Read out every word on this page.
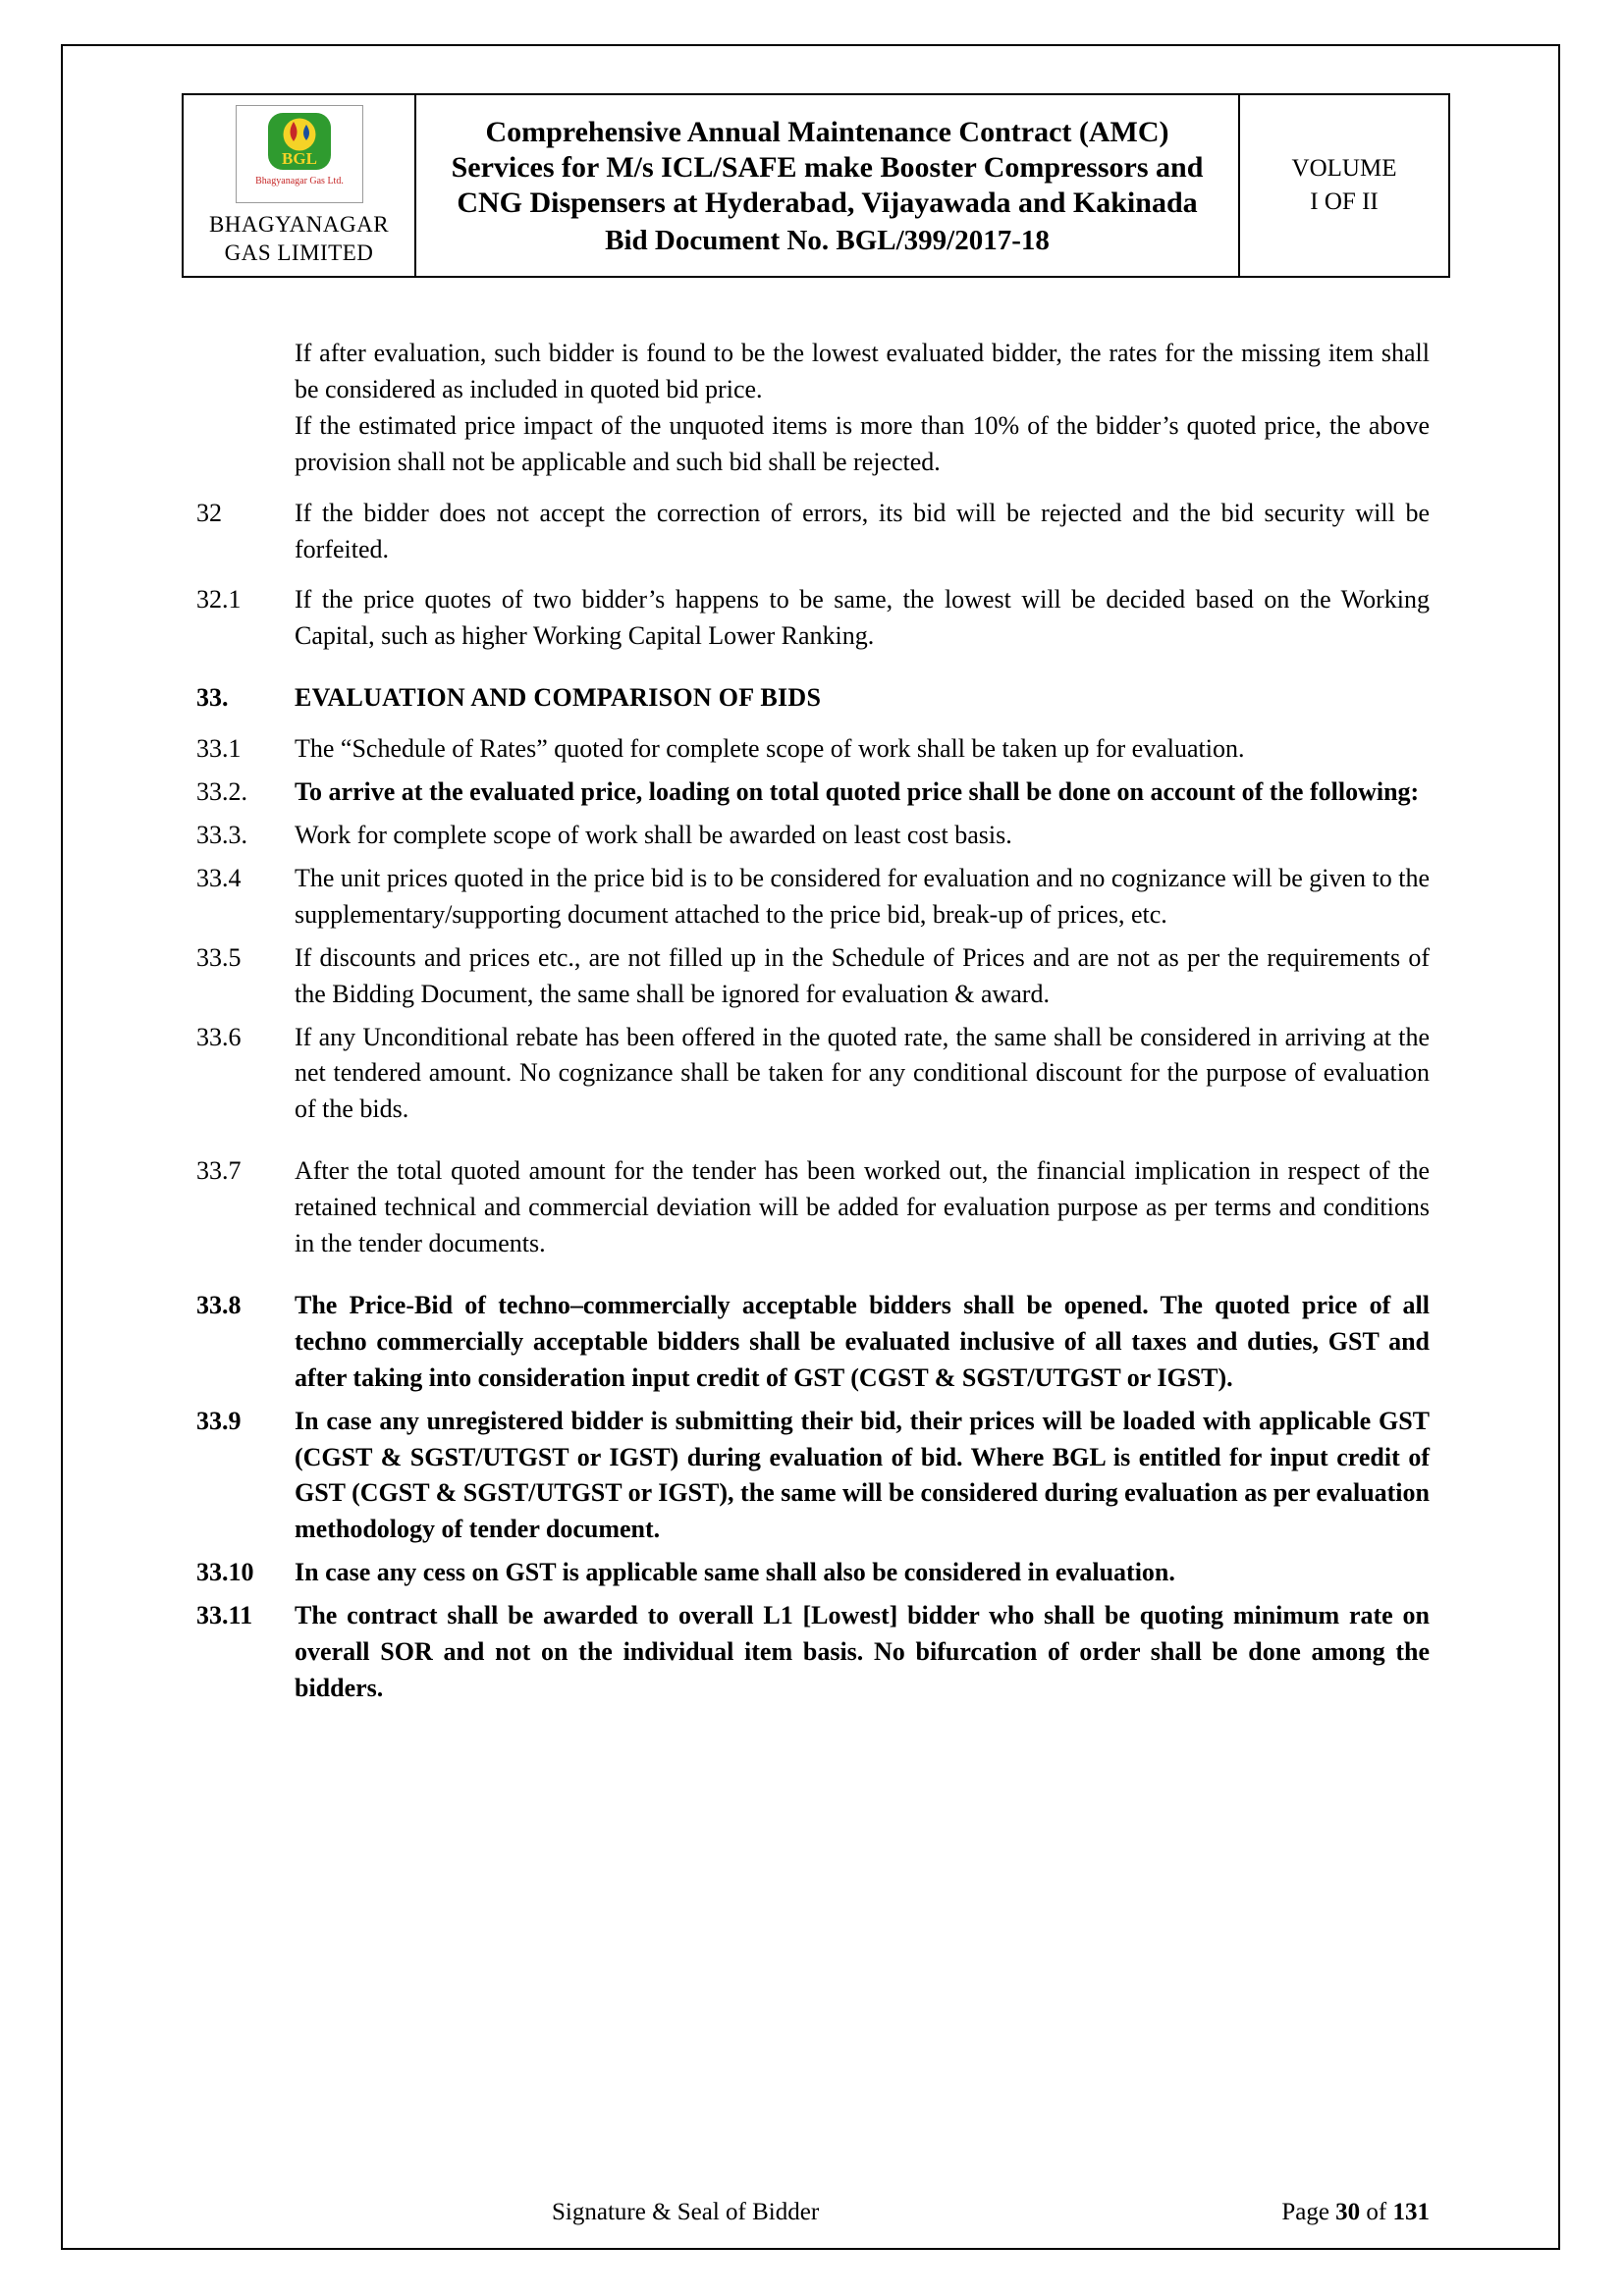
BGL
Bhagyanagar Gas Ltd.
BHAGYANAGAR
GAS LIMITED
Comprehensive Annual Maintenance Contract (AMC) Services for M/s ICL/SAFE make Booster Compressors and CNG Dispensers at Hyderabad, Vijayawada and Kakinada
Bid Document No. BGL/399/2017-18
VOLUME
I OF II
If after evaluation, such bidder is found to be the lowest evaluated bidder, the rates for the missing item shall be considered as included in quoted bid price.
If the estimated price impact of the unquoted items is more than 10% of the bidder’s quoted price, the above provision shall not be applicable and such bid shall be rejected.
32	If the bidder does not accept the correction of errors, its bid will be rejected and the bid security will be forfeited.
32.1	If the price quotes of two bidder’s happens to be same, the lowest will be decided based on the Working Capital, such as higher Working Capital Lower Ranking.
33.	EVALUATION AND COMPARISON OF BIDS
33.1	The “Schedule of Rates” quoted for complete scope of work shall be taken up for evaluation.
33.2.	To arrive at the evaluated price, loading on total quoted price shall be done on account of the following:
33.3.	Work for complete scope of work shall be awarded on least cost basis.
33.4	The unit prices quoted in the price bid is to be considered for evaluation and no cognizance will be given to the supplementary/supporting document attached to the price bid, break-up of prices, etc.
33.5	If discounts and prices etc., are not filled up in the Schedule of Prices and are not as per the requirements of the Bidding Document, the same shall be ignored for evaluation & award.
33.6	If any Unconditional rebate has been offered in the quoted rate, the same shall be considered in arriving at the net tendered amount. No cognizance shall be taken for any conditional discount for the purpose of evaluation of the bids.
33.7	After the total quoted amount for the tender has been worked out, the financial implication in respect of the retained technical and commercial deviation will be added for evaluation purpose as per terms and conditions in the tender documents.
33.8	The Price-Bid of techno–commercially acceptable bidders shall be opened. The quoted price of all techno commercially acceptable bidders shall be evaluated inclusive of all taxes and duties, GST and after taking into consideration input credit of GST (CGST & SGST/UTGST or IGST).
33.9	In case any unregistered bidder is submitting their bid, their prices will be loaded with applicable GST (CGST & SGST/UTGST or IGST) during evaluation of bid. Where BGL is entitled for input credit of GST (CGST & SGST/UTGST or IGST), the same will be considered during evaluation as per evaluation methodology of tender document.
33.10	In case any cess on GST is applicable same shall also be considered in evaluation.
33.11	The contract shall be awarded to overall L1 [Lowest] bidder who shall be quoting minimum rate on overall SOR and not on the individual item basis. No bifurcation of order shall be done among the bidders.
Signature & Seal of Bidder	Page 30 of 131
